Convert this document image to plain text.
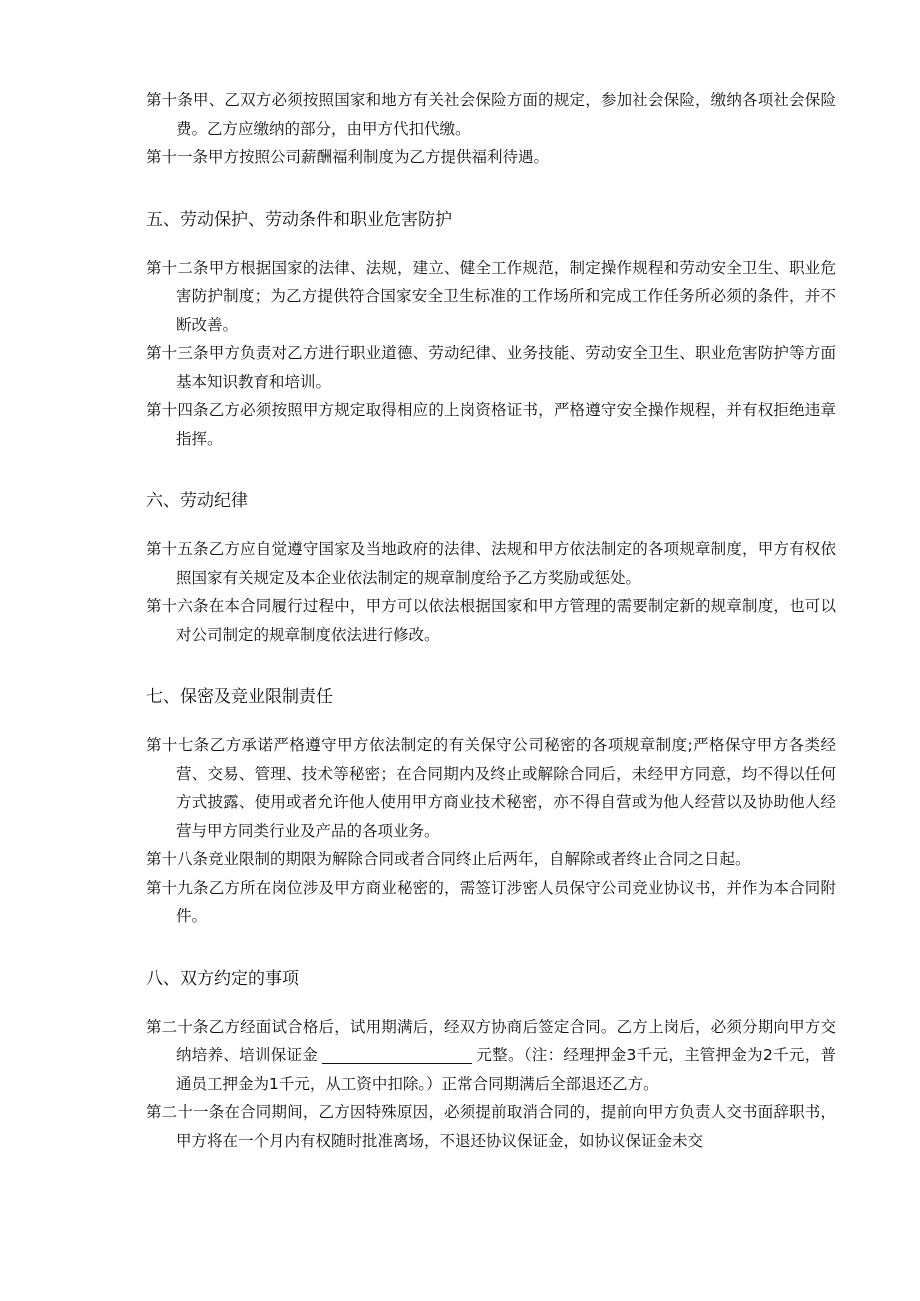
第十条甲、乙双方必须按照国家和地方有关社会保险方面的规定，参加社会保险，缴纳各项社会保险费。乙方应缴纳的部分，由甲方代扣代缴。

第十一条甲方按照公司薪酬福利制度为乙方提供福利待遇。

五、劳动保护、劳动条件和职业危害防护

第十二条甲方根据国家的法律、法规，建立、健全工作规范，制定操作规程和劳动安全卫生、职业危害防护制度；为乙方提供符合国家安全卫生标准的工作场所和完成工作任务所必须的条件，并不断改善。

第十三条甲方负责对乙方进行职业道德、劳动纪律、业务技能、劳动安全卫生、职业危害防护等方面基本知识教育和培训。

第十四条乙方必须按照甲方规定取得相应的上岗资格证书，严格遵守安全操作规程，并有权拒绝违章指挥。

六、劳动纪律

第十五条乙方应自觉遵守国家及当地政府的法律、法规和甲方依法制定的各项规章制度，甲方有权依照国家有关规定及本企业依法制定的规章制度给予乙方奖励或惩处。

第十六条在本合同履行过程中，甲方可以依法根据国家和甲方管理的需要制定新的规章制度，也可以对公司制定的规章制度依法进行修改。

七、保密及竞业限制责任

第十七条乙方承诺严格遵守甲方依法制定的有关保守公司秘密的各项规章制度;严格保守甲方各类经营、交易、管理、技术等秘密；在合同期内及终止或解除合同后，未经甲方同意，均不得以任何方式披露、使用或者允许他人使用甲方商业技术秘密，亦不得自营或为他人经营以及协助他人经营与甲方同类行业及产品的各项业务。

第十八条竞业限制的期限为解除合同或者合同终止后两年，自解除或者终止合同之日起。

第十九条乙方所在岗位涉及甲方商业秘密的，需签订涉密人员保守公司竞业协议书，并作为本合同附件。

八、双方约定的事项

第二十条乙方经面试合格后，试用期满后，经双方协商后签定合同。乙方上岗后，必须分期向甲方交纳培养、培训保证金	元整。（注：经理押金3千元，主管押金为2千元，普通员工押金为1千元，从工资中扣除。）正常合同期满后全部退还乙方。

第二十一条在合同期间，乙方因特殊原因，必须提前取消合同的，提前向甲方负责人交书面辞职书，甲方将在一个月内有权随时批准离场，不退还协议保证金，如协议保证金未交
